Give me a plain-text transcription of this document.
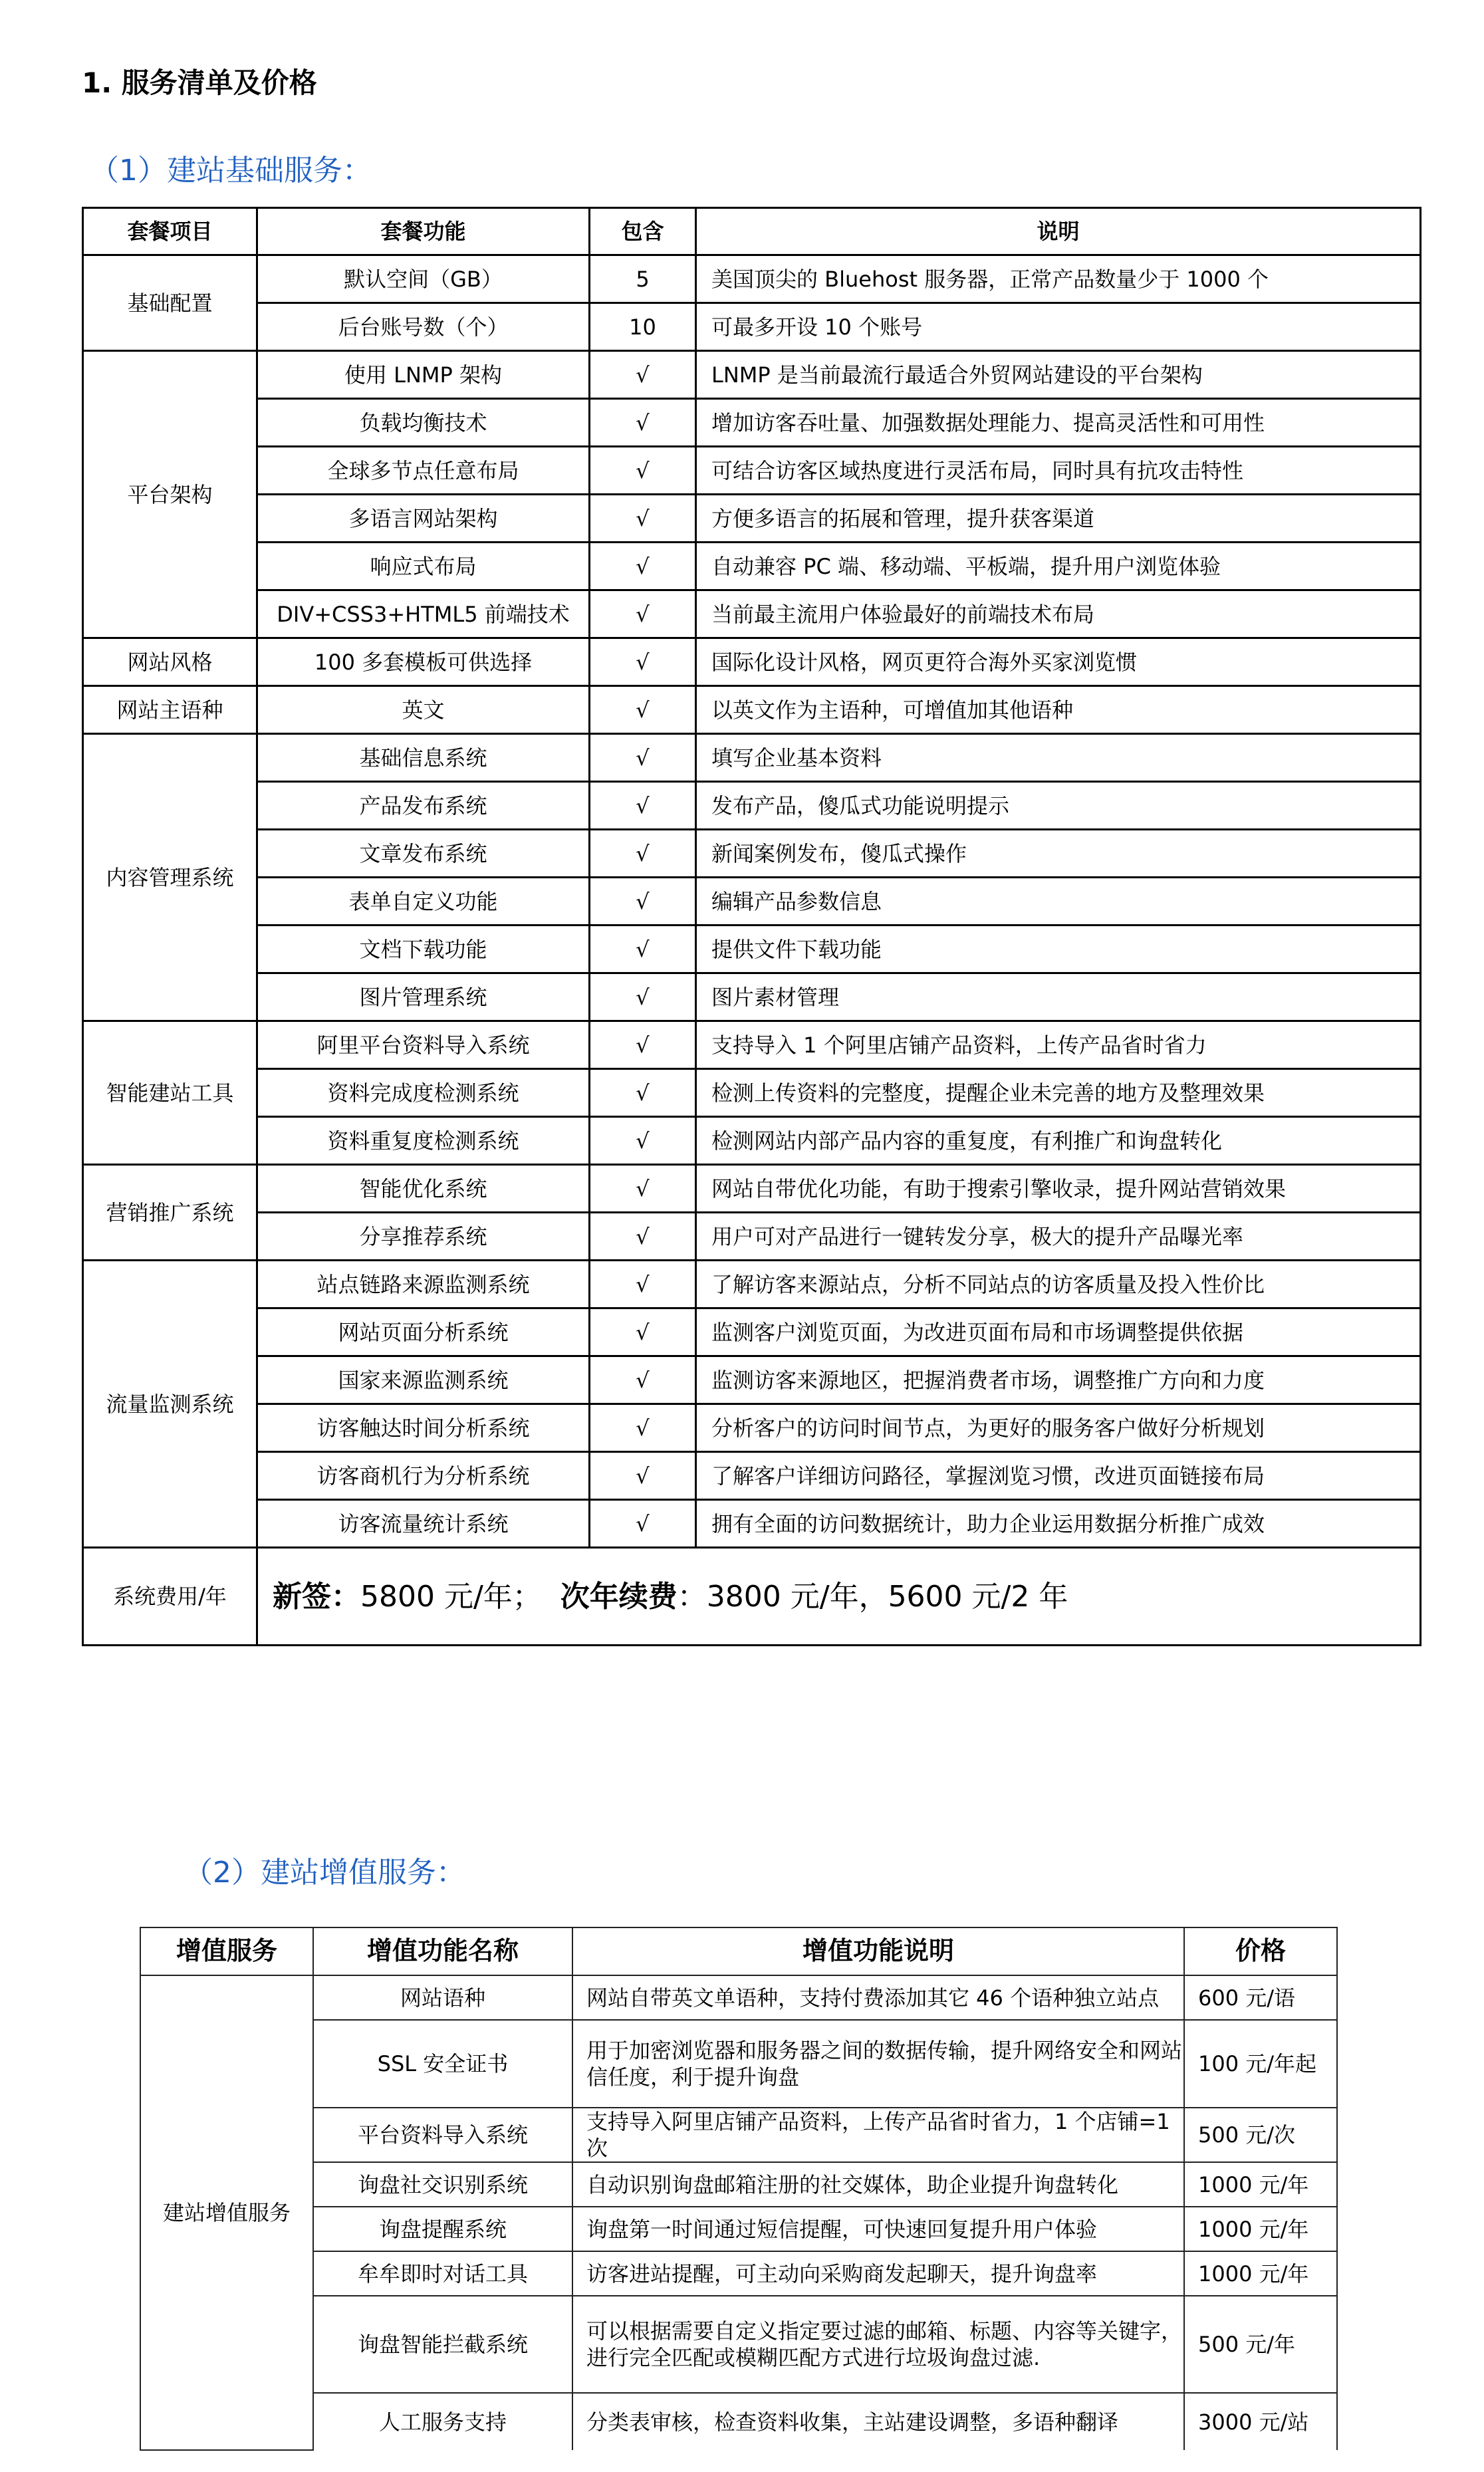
1. 服务清单及价格
（1）建站基础服务：
套餐项目	套餐功能	包含	说明
基础配置	默认空间（GB）	5	美国顶尖的 Bluehost 服务器，正常产品数量少于 1000 个
	后台账号数（个）	10	可最多开设 10 个账号
平台架构	使用 LNMP 架构	√	LNMP 是当前最流行最适合外贸网站建设的平台架构
	负载均衡技术	√	增加访客吞吐量、加强数据处理能力、提高灵活性和可用性
	全球多节点任意布局	√	可结合访客区域热度进行灵活布局，同时具有抗攻击特性
	多语言网站架构	√	方便多语言的拓展和管理，提升获客渠道
	响应式布局	√	自动兼容 PC 端、移动端、平板端，提升用户浏览体验
	DIV+CSS3+HTML5 前端技术	√	当前最主流用户体验最好的前端技术布局
网站风格	100 多套模板可供选择	√	国际化设计风格，网页更符合海外买家浏览惯
网站主语种	英文	√	以英文作为主语种，可增值加其他语种
内容管理系统	基础信息系统	√	填写企业基本资料
	产品发布系统	√	发布产品，傻瓜式功能说明提示
	文章发布系统	√	新闻案例发布，傻瓜式操作
	表单自定义功能	√	编辑产品参数信息
	文档下载功能	√	提供文件下载功能
	图片管理系统	√	图片素材管理
智能建站工具	阿里平台资料导入系统	√	支持导入 1 个阿里店铺产品资料，上传产品省时省力
	资料完成度检测系统	√	检测上传资料的完整度，提醒企业未完善的地方及整理效果
	资料重复度检测系统	√	检测网站内部产品内容的重复度，有利推广和询盘转化
营销推广系统	智能优化系统	√	网站自带优化功能，有助于搜索引擎收录，提升网站营销效果
	分享推荐系统	√	用户可对产品进行一键转发分享，极大的提升产品曝光率
流量监测系统	站点链路来源监测系统	√	了解访客来源站点，分析不同站点的访客质量及投入性价比
	网站页面分析系统	√	监测客户浏览页面，为改进页面布局和市场调整提供依据
	国家来源监测系统	√	监测访客来源地区，把握消费者市场，调整推广方向和力度
	访客触达时间分析系统	√	分析客户的访问时间节点，为更好的服务客户做好分析规划
	访客商机行为分析系统	√	了解客户详细访问路径，掌握浏览习惯，改进页面链接布局
	访客流量统计系统	√	拥有全面的访问数据统计，助力企业运用数据分析推广成效
系统费用/年	新签：5800 元/年； 次年续费：3800 元/年，5600 元/2 年		
（2）建站增值服务：
增值服务	增值功能名称	增值功能说明	价格
建站增值服务	网站语种	网站自带英文单语种，支持付费添加其它 46 个语种独立站点	600 元/语
	SSL 安全证书	用于加密浏览器和服务器之间的数据传输，提升网络安全和网站信任度，利于提升询盘	100 元/年起
	平台资料导入系统	支持导入阿里店铺产品资料，上传产品省时省力，1 个店铺=1 次	500 元/次
	询盘社交识别系统	自动识别询盘邮箱注册的社交媒体，助企业提升询盘转化	1000 元/年
	询盘提醒系统	询盘第一时间通过短信提醒，可快速回复提升用户体验	1000 元/年
	牟牟即时对话工具	访客进站提醒，可主动向采购商发起聊天，提升询盘率	1000 元/年
	询盘智能拦截系统	可以根据需要自定义指定要过滤的邮箱、标题、内容等关键字，进行完全匹配或模糊匹配方式进行垃圾询盘过滤.	500 元/年
	人工服务支持	分类表审核，检查资料收集，主站建设调整，多语种翻译	3000 元/站
